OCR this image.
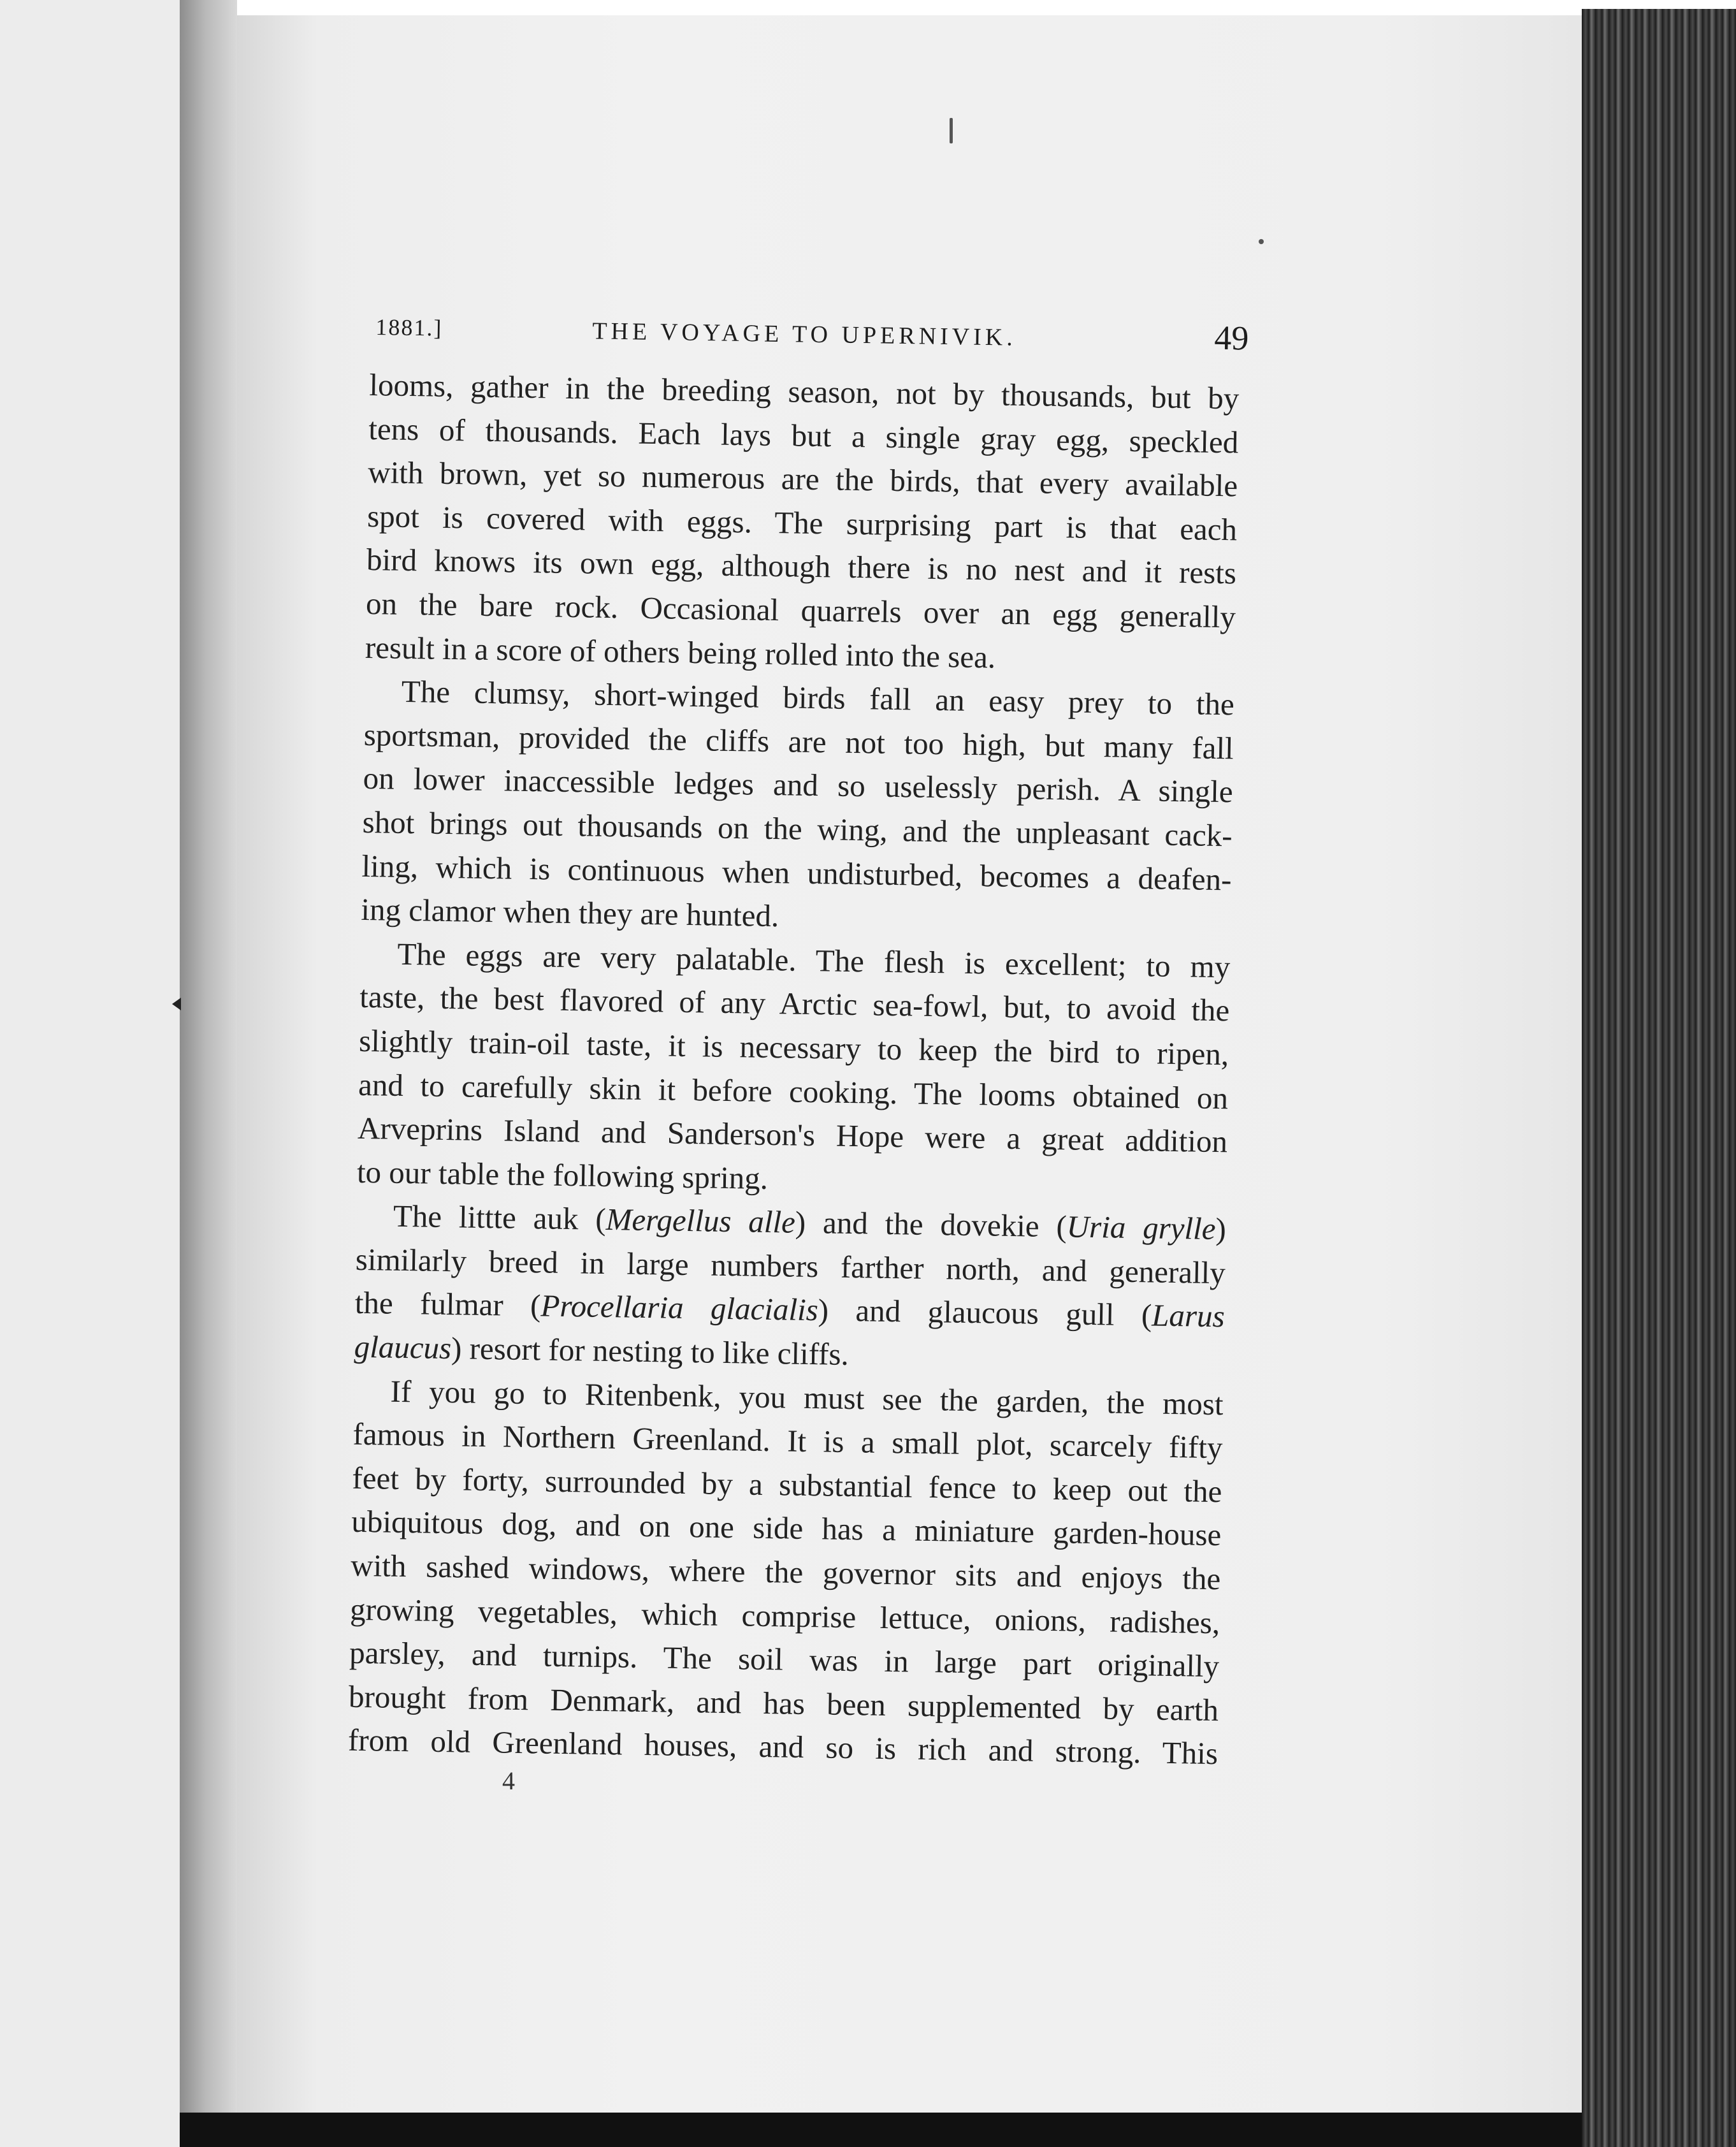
1881.]	THE VOYAGE TO UPERNIVIK.	49
looms, gather in the breeding season, not by thousands, but by
tens of thousands. Each lays but a single gray egg, speckled
with brown, yet so numerous are the birds, that every available
spot is covered with eggs. The surprising part is that each
bird knows its own egg, although there is no nest and it rests
on the bare rock. Occasional quarrels over an egg generally
result in a score of others being rolled into the sea.
The clumsy, short-winged birds fall an easy prey to the
sportsman, provided the cliffs are not too high, but many fall
on lower inaccessible ledges and so uselessly perish. A single
shot brings out thousands on the wing, and the unpleasant cack-
ling, which is continuous when undisturbed, becomes a deafen-
ing clamor when they are hunted.
The eggs are very palatable. The flesh is excellent; to my
taste, the best flavored of any Arctic sea-fowl, but, to avoid the
slightly train-oil taste, it is necessary to keep the bird to ripen,
and to carefully skin it before cooking. The looms obtained on
Arveprins Island and Sanderson's Hope were a great addition
to our table the following spring.
The littte auk (Mergellus alle) and the dovekie (Uria grylle)
similarly breed in large numbers farther north, and generally
the fulmar (Procellaria glacialis) and glaucous gull (Larus
glaucus) resort for nesting to like cliffs.
If you go to Ritenbenk, you must see the garden, the most
famous in Northern Greenland. It is a small plot, scarcely fifty
feet by forty, surrounded by a substantial fence to keep out the
ubiquitous dog, and on one side has a miniature garden-house
with sashed windows, where the governor sits and enjoys the
growing vegetables, which comprise lettuce, onions, radishes,
parsley, and turnips. The soil was in large part originally
brought from Denmark, and has been supplemented by earth
from old Greenland houses, and so is rich and strong. This
4
